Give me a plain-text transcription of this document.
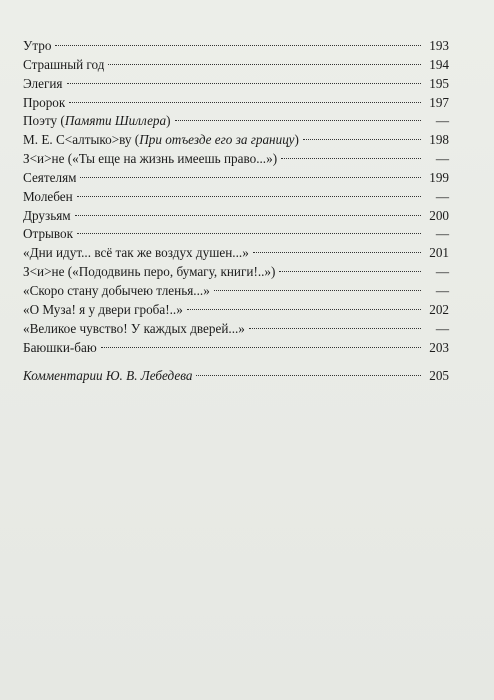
Утро	193
Страшный год	194
Элегия	195
Пророк	197
Поэту (Памяти Шиллера)	—
М. Е. С<алтыко>ву (При отъезде его за границу)	198
З<и>не («Ты еще на жизнь имеешь право...»)	—
Сеятелям	199
Молебен	—
Друзьям	200
Отрывок	—
«Дни идут... всё так же воздух душен...»	201
З<и>не («Пододвинь перо, бумагу, книги!..»)	—
«Скоро стану добычею тленья...»	—
«О Муза! я у двери гроба!..»	202
«Великое чувство! У каждых дверей...»	—
Баюшки-баю	203
Комментарии Ю. В. Лебедева	205
